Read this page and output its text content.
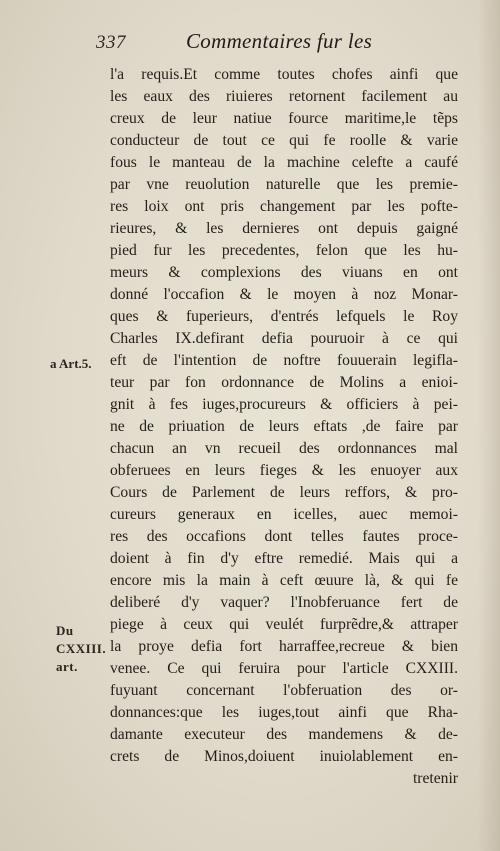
337	Commentaires fur les
l'a requis.Et comme toutes chofes ainfi que
les eaux des riuieres retornent facilement au
creux de leur natiue fource maritime,le tẽps
conducteur de tout ce qui fe roolle & varie
fous le manteau de la machine celefte a caufé
par vne reuolution naturelle que les premie-
res loix ont pris changement par les pofte-
rieures, & les dernieres ont depuis gaigné
pied fur les precedentes, felon que les hu-
meurs & complexions des viuans en ont
donné l'occafion & le moyen à noz Monar-
ques & fuperieurs, d'entrés lefquels le Roy
Charles IX.defirant defia pouruoir à ce qui
eft de l'intention de noftre fouuerain legifla-
teur par fon ordonnance de Molins a enioi-
gnit à fes iuges,procureurs & officiers à pei-
ne de priuation de leurs eftats ,de faire par
chacun an vn recueil des ordonnances mal
obferuees en leurs fieges & les enuoyer aux
Cours de Parlement de leurs reffors, & pro-
cureurs generaux en icelles, auec memoi-
res des occafions dont telles fautes proce-
doient à fin d'y eftre remedié. Mais qui a
encore mis la main à ceft œuure là, & qui fe
deliberé d'y vaquer? l'Inobferuance fert de
piege à ceux qui veulét furprẽdre,& attraper
la proye defia fort harraffee,recreue & bien
venee. Ce qui feruira pour l'article CXXIII.
fuyuant concernant l'obferuation des or-
donnances:que les iuges,tout ainfi que Rha-
damante executeur des mandemens & de-
crets de Minos,doiuent inuiolablement en-
tretenir
a Art.5.
Du
CXXIII.
art.
